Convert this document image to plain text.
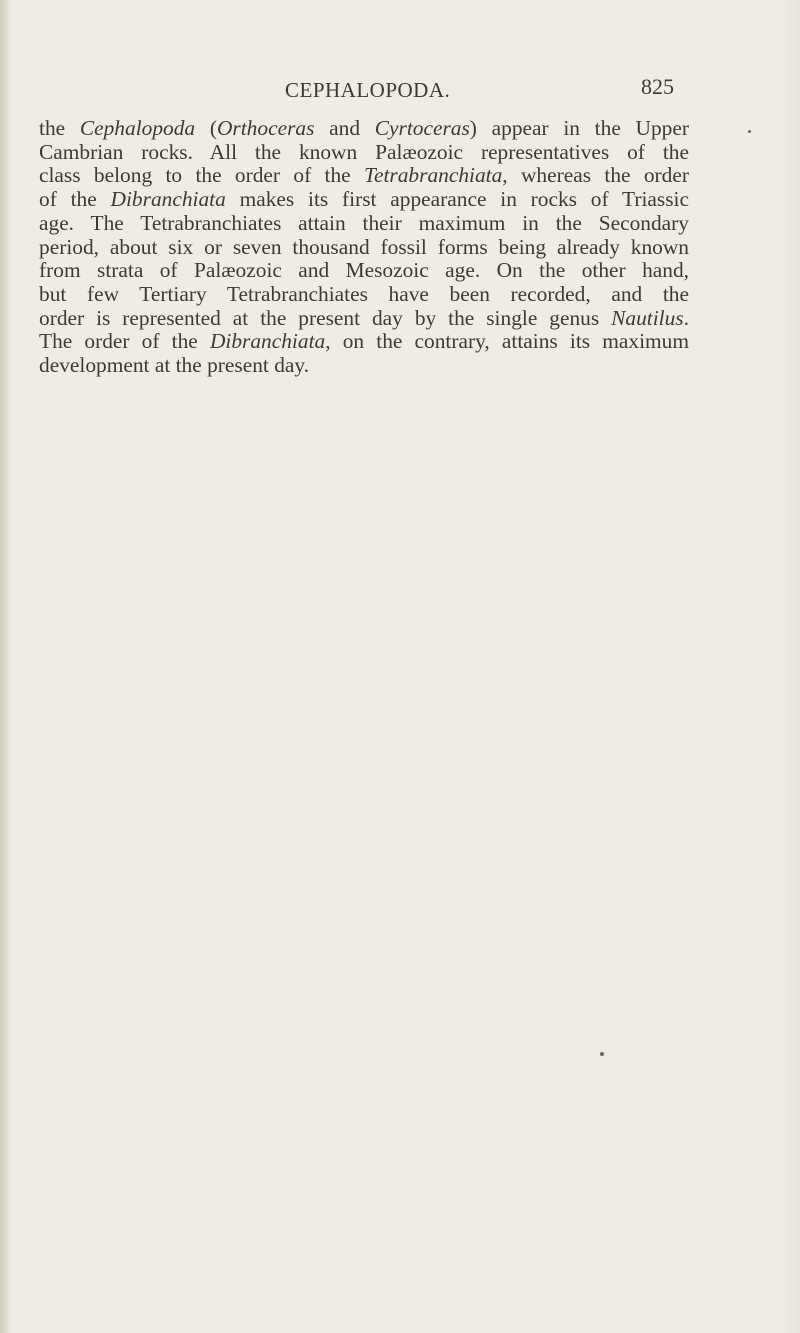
CEPHALOPODA.	825
the Cephalopoda (Orthoceras and Cyrtoceras) appear in the Upper
Cambrian rocks. All the known Palæozoic representatives of the
class belong to the order of the Tetrabranchiata, whereas the order
of the Dibranchiata makes its first appearance in rocks of Triassic
age. The Tetrabranchiates attain their maximum in the Secondary
period, about six or seven thousand fossil forms being already known
from strata of Palæozoic and Mesozoic age. On the other hand,
but few Tertiary Tetrabranchiates have been recorded, and the
order is represented at the present day by the single genus Nautilus.
The order of the Dibranchiata, on the contrary, attains its maximum
development at the present day.
